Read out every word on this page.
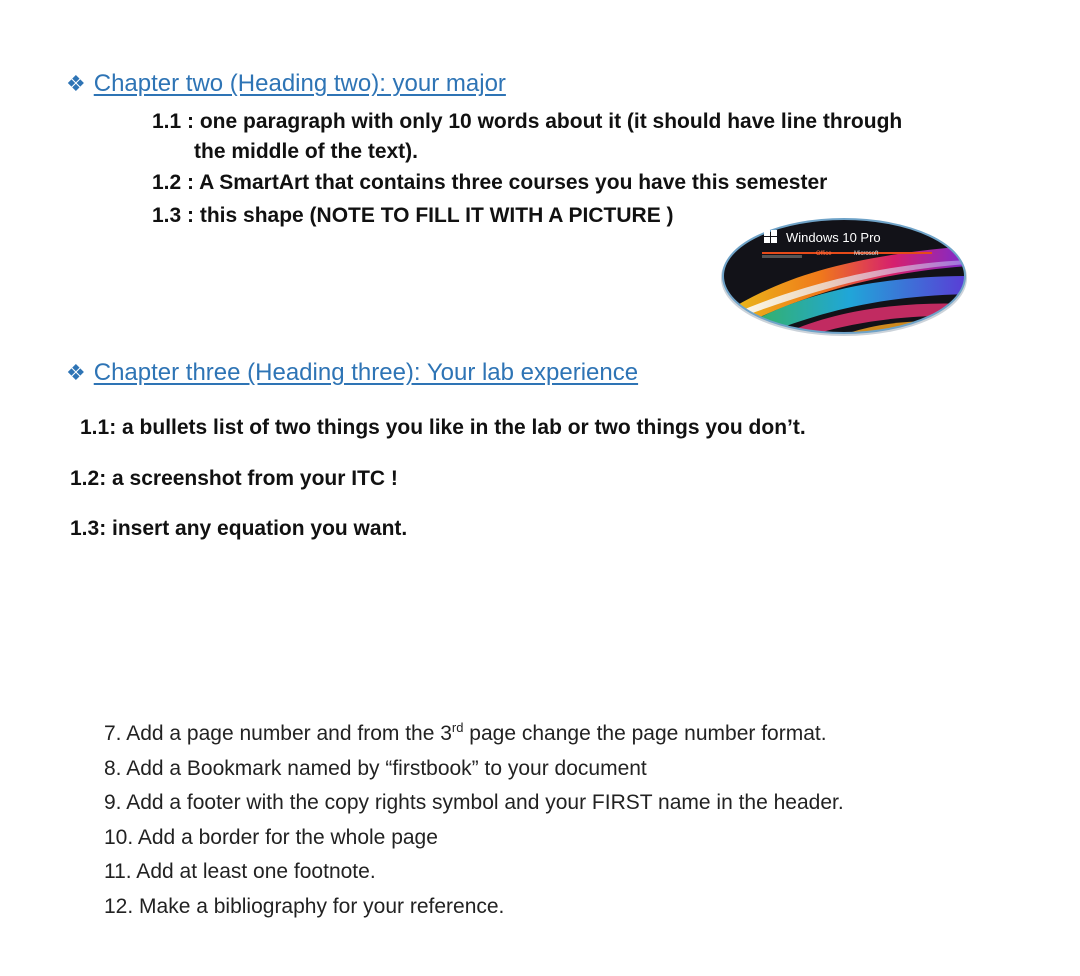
❖ Chapter two (Heading two): your major
1.1 : one paragraph with only 10 words about it (it should have line through
the middle of the text).
1.2 : A SmartArt that contains three courses you have this semester
1.3 : this shape (NOTE TO FILL IT WITH A PICTURE )
Windows 10 Pro
Office	Microsoft
❖ Chapter three (Heading three): Your lab experience
1.1: a bullets list of two things you like in the lab or two things you don’t.
1.2: a screenshot from your ITC !
1.3: insert any equation you want.
7. Add a page number and from the 3rd page change the page number format.
8. Add a Bookmark named by “firstbook” to your document
9. Add a footer with the copy rights symbol and your FIRST name in the header.
10. Add a border for the whole page
11. Add at least one footnote.
12. Make a bibliography for your reference.
